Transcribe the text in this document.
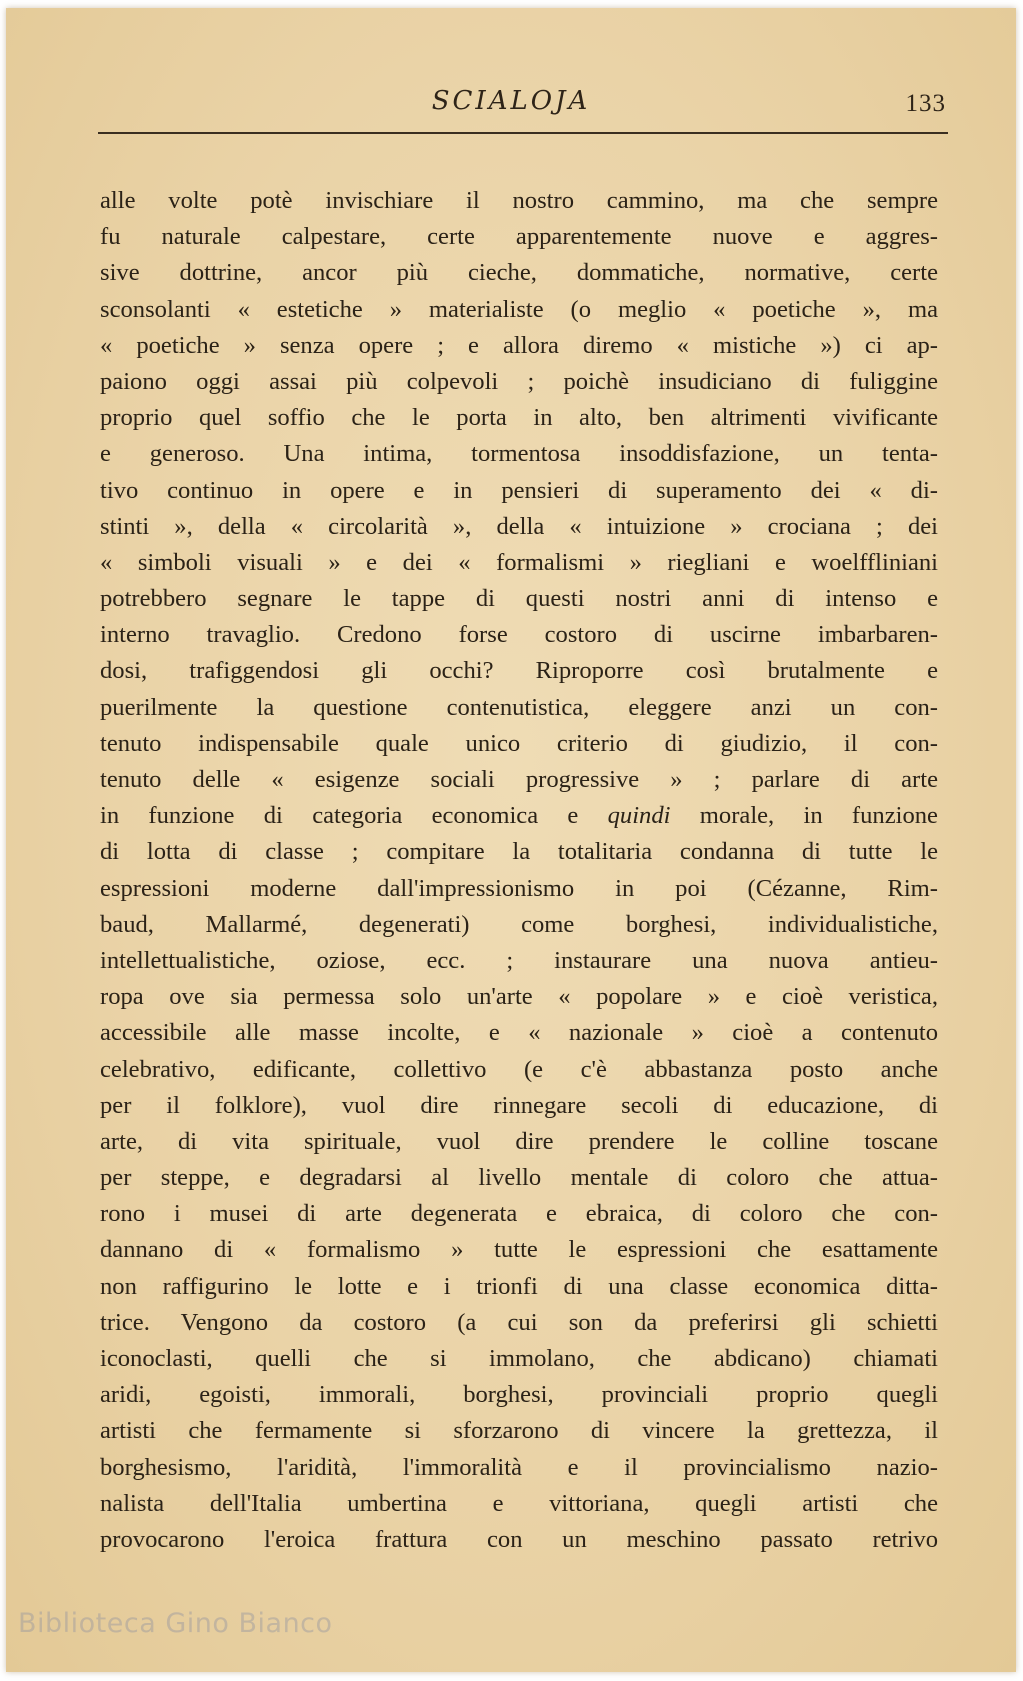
SCIALOJA	133
alle volte potè invischiare il nostro cammino, ma che sempre
fu naturale calpestare, certe apparentemente nuove e aggres-
sive dottrine, ancor più cieche, dommatiche, normative, certe
sconsolanti « estetiche » materialiste (o meglio « poetiche », ma
« poetiche » senza opere ; e allora diremo « mistiche ») ci ap-
paiono oggi assai più colpevoli ; poichè insudiciano di fuliggine
proprio quel soffio che le porta in alto, ben altrimenti vivificante
e generoso. Una intima, tormentosa insoddisfazione, un tenta-
tivo continuo in opere e in pensieri di superamento dei « di-
stinti », della « circolarità », della « intuizione » crociana ; dei
« simboli visuali » e dei « formalismi » riegliani e woelffliniani
potrebbero segnare le tappe di questi nostri anni di intenso e
interno travaglio. Credono forse costoro di uscirne imbarbaren-
dosi, trafiggendosi gli occhi? Riproporre così brutalmente e
puerilmente la questione contenutistica, eleggere anzi un con-
tenuto indispensabile quale unico criterio di giudizio, il con-
tenuto delle « esigenze sociali progressive » ; parlare di arte
in funzione di categoria economica e quindi morale, in funzione
di lotta di classe ; compitare la totalitaria condanna di tutte le
espressioni moderne dall'impressionismo in poi (Cézanne, Rim-
baud, Mallarmé, degenerati) come borghesi, individualistiche,
intellettualistiche, oziose, ecc. ; instaurare una nuova antieu-
ropa ove sia permessa solo un'arte « popolare » e cioè veristica,
accessibile alle masse incolte, e « nazionale » cioè a contenuto
celebrativo, edificante, collettivo (e c'è abbastanza posto anche
per il folklore), vuol dire rinnegare secoli di educazione, di
arte, di vita spirituale, vuol dire prendere le colline toscane
per steppe, e degradarsi al livello mentale di coloro che attua-
rono i musei di arte degenerata e ebraica, di coloro che con-
dannano di « formalismo » tutte le espressioni che esattamente
non raffigurino le lotte e i trionfi di una classe economica ditta-
trice. Vengono da costoro (a cui son da preferirsi gli schietti
iconoclasti, quelli che si immolano, che abdicano) chiamati
aridi, egoisti, immorali, borghesi, provinciali proprio quegli
artisti che fermamente si sforzarono di vincere la grettezza, il
borghesismo, l'aridità, l'immoralità e il provincialismo nazio-
nalista dell'Italia umbertina e vittoriana, quegli artisti che
provocarono l'eroica frattura con un meschino passato retrivo
Biblioteca Gino Bianco
